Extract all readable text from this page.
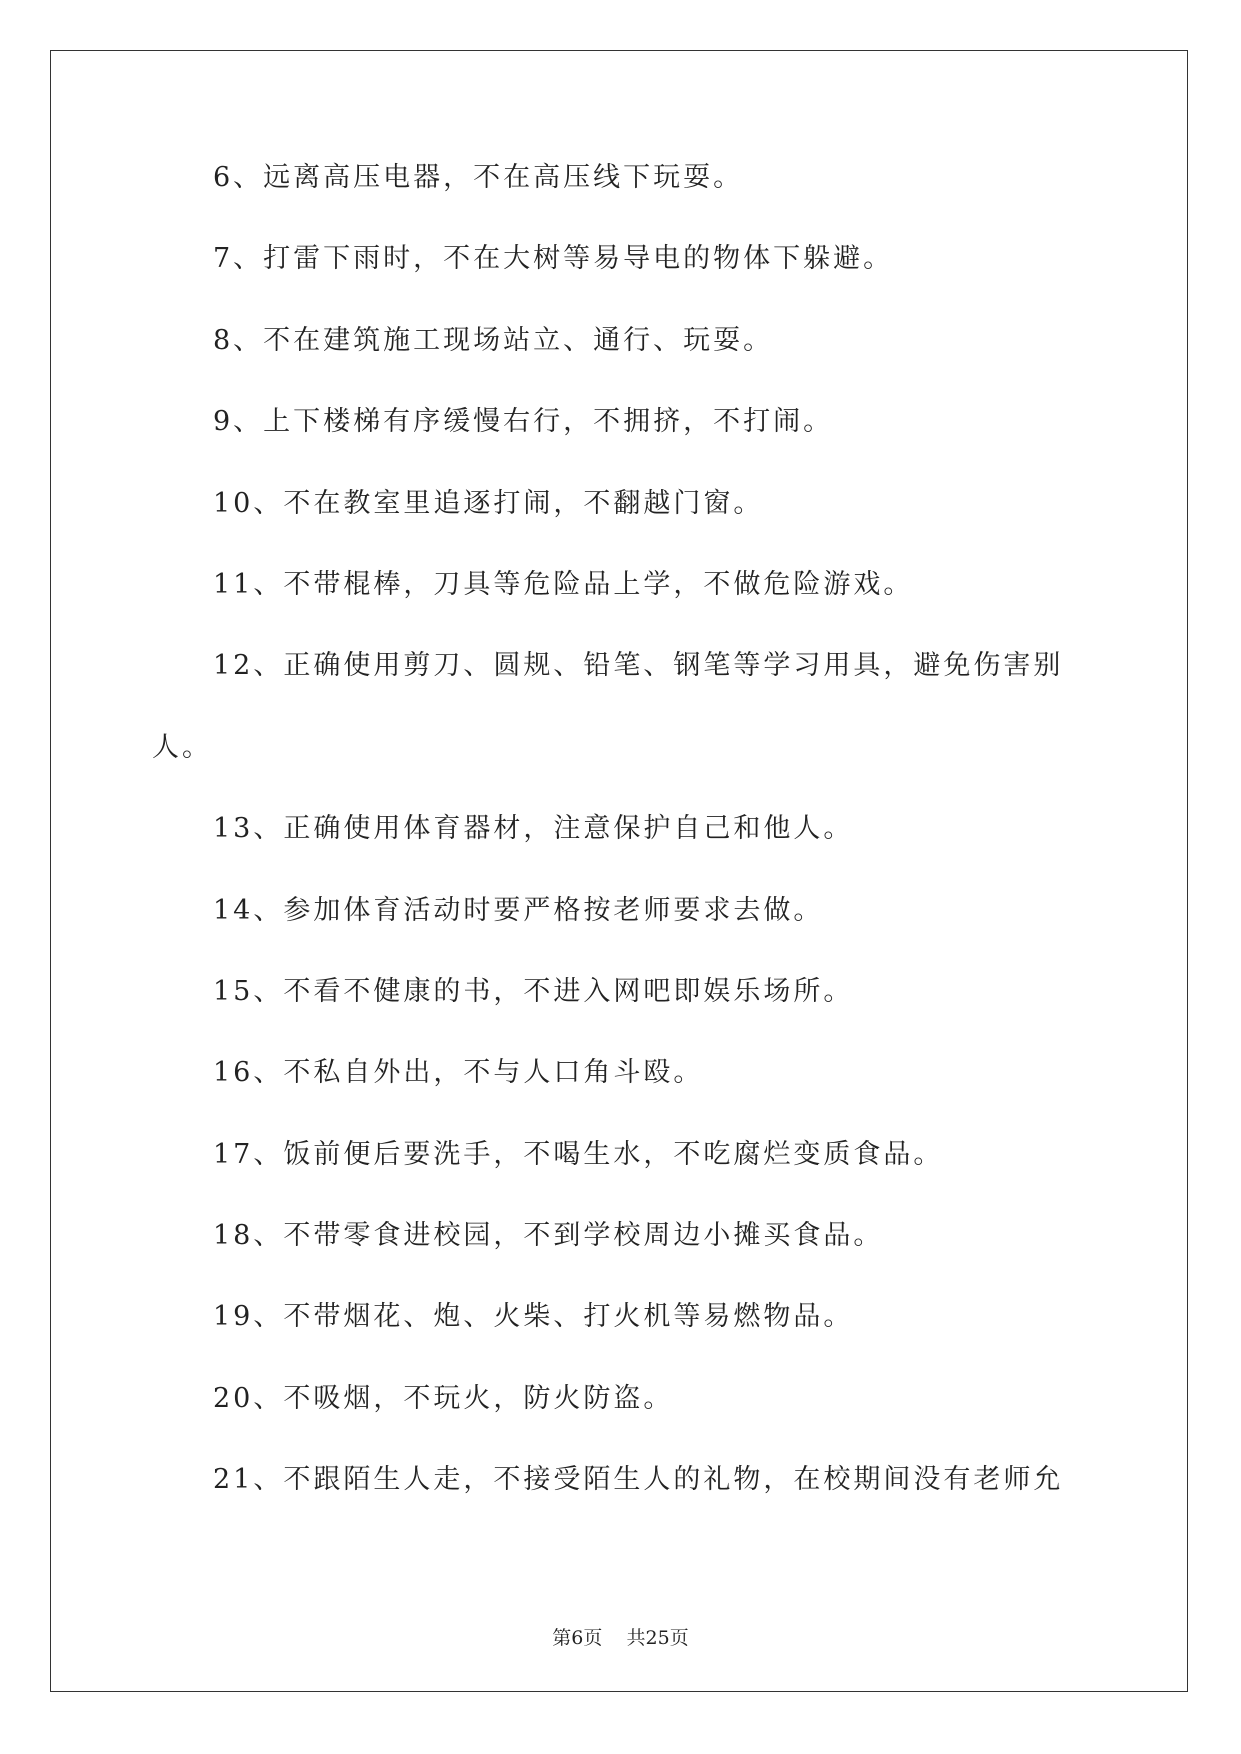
6、远离高压电器，不在高压线下玩耍。
7、打雷下雨时，不在大树等易导电的物体下躲避。
8、不在建筑施工现场站立、通行、玩耍。
9、上下楼梯有序缓慢右行，不拥挤，不打闹。
10、不在教室里追逐打闹，不翻越门窗。
11、不带棍棒，刀具等危险品上学，不做危险游戏。
12、正确使用剪刀、圆规、铅笔、钢笔等学习用具，避免伤害别
人。
13、正确使用体育器材，注意保护自己和他人。
14、参加体育活动时要严格按老师要求去做。
15、不看不健康的书，不进入网吧即娱乐场所。
16、不私自外出，不与人口角斗殴。
17、饭前便后要洗手，不喝生水，不吃腐烂变质食品。
18、不带零食进校园，不到学校周边小摊买食品。
19、不带烟花、炮、火柴、打火机等易燃物品。
20、不吸烟，不玩火，防火防盗。
21、不跟陌生人走，不接受陌生人的礼物，在校期间没有老师允
第6页    共25页
